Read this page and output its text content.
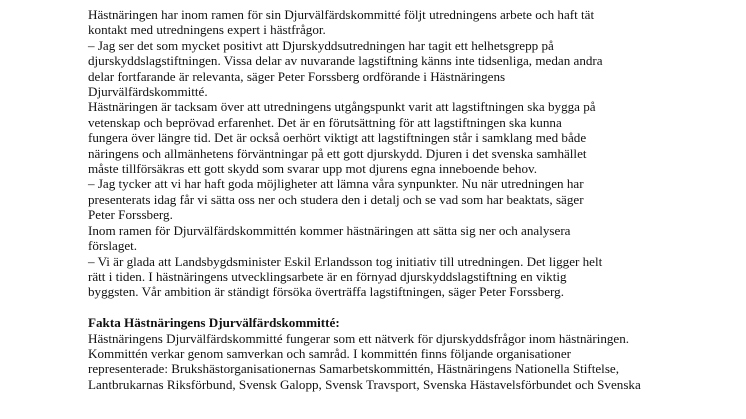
Hästnäringen har inom ramen för sin Djurvälfärdskommitté följt utredningens arbete och haft tät
kontakt med utredningens expert i hästfrågor.
– Jag ser det som mycket positivt att Djurskyddsutredningen har tagit ett helhetsgrepp på
djurskyddslagstiftningen. Vissa delar av nuvarande lagstiftning känns inte tidsenliga, medan andra
delar fortfarande är relevanta, säger Peter Forssberg ordförande i Hästnäringens
Djurvälfärdskommitté.
Hästnäringen är tacksam över att utredningens utgångspunkt varit att lagstiftningen ska bygga på
vetenskap och beprövad erfarenhet. Det är en förutsättning för att lagstiftningen ska kunna
fungera över längre tid. Det är också oerhört viktigt att lagstiftningen står i samklang med både
näringens och allmänhetens förväntningar på ett gott djurskydd. Djuren i det svenska samhället
måste tillförsäkras ett gott skydd som svarar upp mot djurens egna inneboende behov.
– Jag tycker att vi har haft goda möjligheter att lämna våra synpunkter. Nu när utredningen har
presenterats idag får vi sätta oss ner och studera den i detalj och se vad som har beaktats, säger
Peter Forssberg.
Inom ramen för Djurvälfärdskommittén kommer hästnäringen att sätta sig ner och analysera
förslaget.
– Vi är glada att Landsbygdsminister Eskil Erlandsson tog initiativ till utredningen. Det ligger helt
rätt i tiden. I hästnäringens utvecklingsarbete är en förnyad djurskyddslagstiftning en viktig
byggsten. Vår ambition är ständigt försöka överträffa lagstiftningen, säger Peter Forssberg.
Fakta Hästnäringens Djurvälfärdskommitté:
Hästnäringens Djurvälfärdskommitté fungerar som ett nätverk för djurskyddsfrågor inom hästnäringen.
Kommittén verkar genom samverkan och samråd. I kommittén finns följande organisationer
representerade: Brukshästorganisationernas Samarbetskommittén, Hästnäringens Nationella Stiftelse,
Lantbrukarnas Riksförbund, Svensk Galopp, Svensk Travsport, Svenska Hästavelsförbundet och Svenska
